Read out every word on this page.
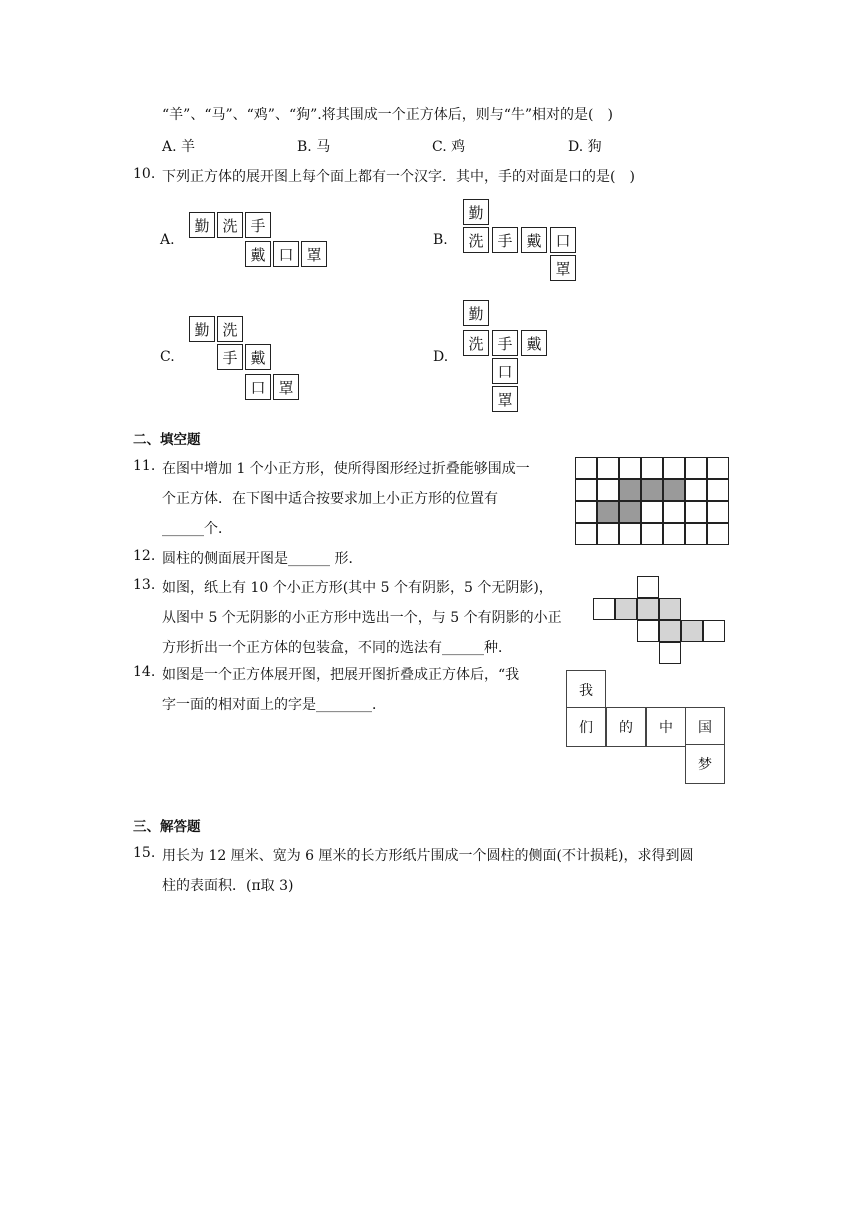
“羊”、“马”、“鸡”、“狗”.将其围成一个正方体后，则与“牛”相对的是(　)
A. 羊	B. 马	C. 鸡	D. 狗
10. 下列正方体的展开图上每个面上都有一个汉字．其中，手的对面是口的是(　)
A.
勤 洗 手
戴 口 罩
B.
勤
洗 手 戴 口
罩
C.
勤 洗
手 戴
口 罩
D.
勤
洗 手 戴
口
罩
二、填空题
11. 在图中增加 1 个小正方形，使所得图形经过折叠能够围成一
个正方体．在下图中适合按要求加上小正方形的位置有
______个．
12. 圆柱的侧面展开图是______ 形．
13. 如图，纸上有 10 个小正方形(其中 5 个有阴影，5 个无阴影)，
从图中 5 个无阴影的小正方形中选出一个，与 5 个有阴影的小正
方形折出一个正方体的包装盒，不同的选法有______种．
14. 如图是一个正方体展开图，把展开图折叠成正方体后，“我
字一面的相对面上的字是________．
我
们	的	中	国
梦
三、解答题
15. 用长为 12 厘米、宽为 6 厘米的长方形纸片围成一个圆柱的侧面(不计损耗)，求得到圆
柱的表面积．(π取 3)
